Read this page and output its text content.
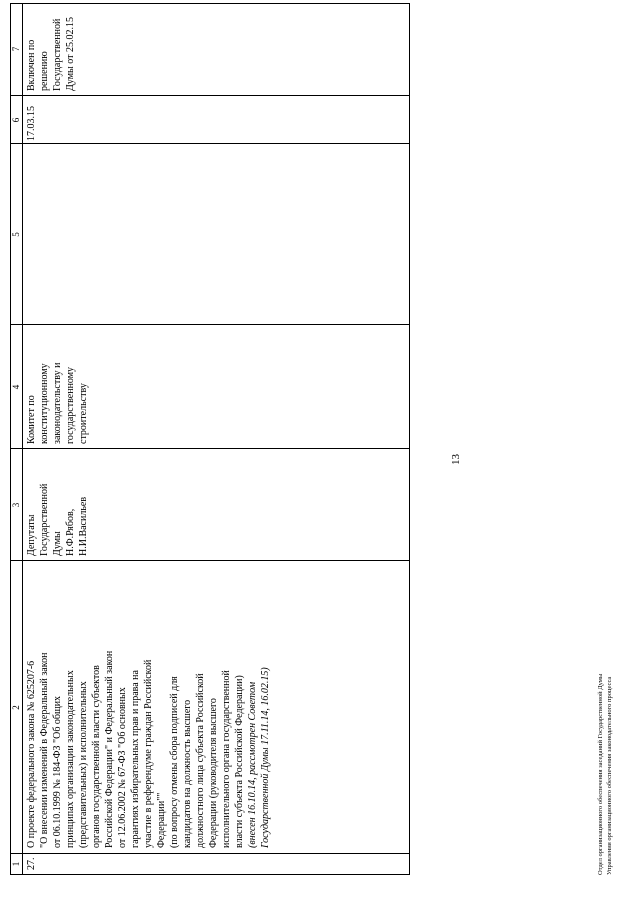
1
2
3
4
5
6
7
27.
О проекте федерального закона № 625207-6 "О внесении изменений в Федеральный закон от 06.10.1999 № 184-ФЗ "Об общих принципах организации законодательных (представительных) и исполнительных органов государственной власти субъектов Российской Федерации" и Федеральный закон от 12.06.2002 № 67-ФЗ "Об основных гарантиях избирательных прав и права на участие в референдуме граждан Российской Федерации"" (по вопросу отмены сбора подписей для кандидатов на должность высшего должностного лица субъекта Российской Федерации (руководителя высшего исполнительного органа государственной власти субъекта Российской Федерации) (внесен 16.10.14, рассмотрен Советом Государственной Думы 17.11.14, 16.02.15)
Депутаты Государственной Думы Н.Ф.Рябов, Н.И.Васильев
Комитет по конституционному законодательству и государственному строительству
17.03.15
Включен по решению Государственной Думы от 25.02.15
13
Отдел организационного обеспечения заседаний Государственной Думы Управления организационного обеспечения законодательного процесса
